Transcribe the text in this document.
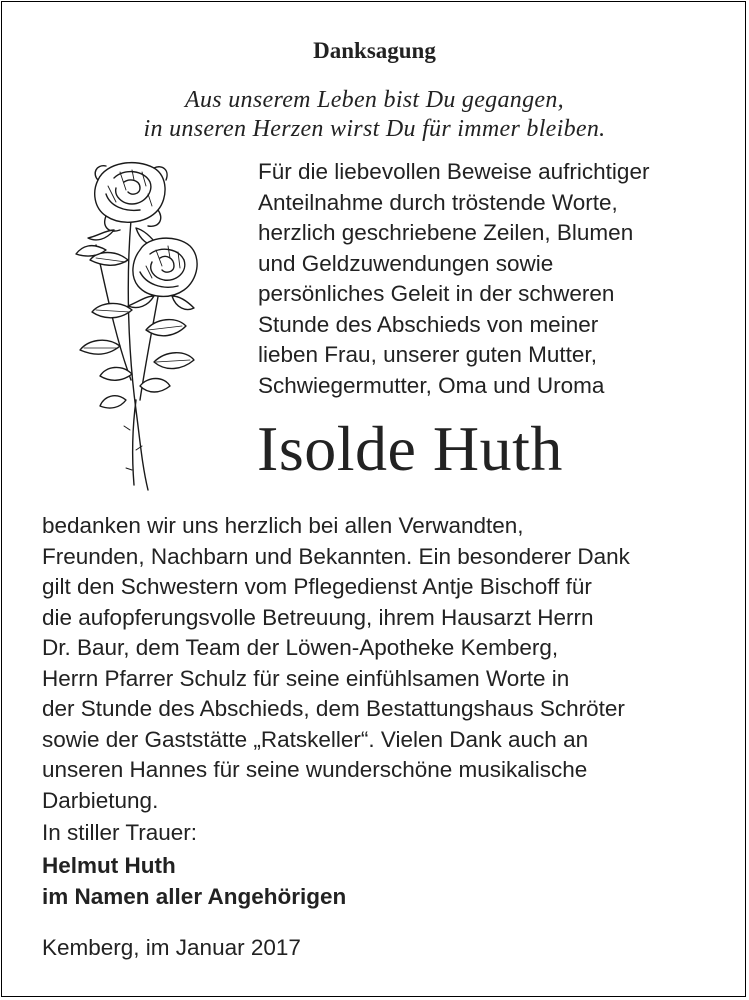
Danksagung
Aus unserem Leben bist Du gegangen,
in unseren Herzen wirst Du für immer bleiben.
Für die liebevollen Beweise aufrichtiger
Anteilnahme durch tröstende Worte,
herzlich geschriebene Zeilen, Blumen
und Geldzuwendungen sowie
persönliches Geleit in der schweren
Stunde des Abschieds von meiner
lieben Frau, unserer guten Mutter,
Schwiegermutter, Oma und Uroma
Isolde Huth
bedanken wir uns herzlich bei allen Verwandten,
Freunden, Nachbarn und Bekannten. Ein besonderer Dank
gilt den Schwestern vom Pflegedienst Antje Bischoff für
die aufopferungsvolle Betreuung, ihrem Hausarzt Herrn
Dr. Baur, dem Team der Löwen-Apotheke Kemberg,
Herrn Pfarrer Schulz für seine einfühlsamen Worte in
der Stunde des Abschieds, dem Bestattungshaus Schröter
sowie der Gaststätte „Ratskeller“. Vielen Dank auch an
unseren Hannes für seine wunderschöne musikalische
Darbietung.
In stiller Trauer:
Helmut Huth
im Namen aller Angehörigen
Kemberg, im Januar 2017
